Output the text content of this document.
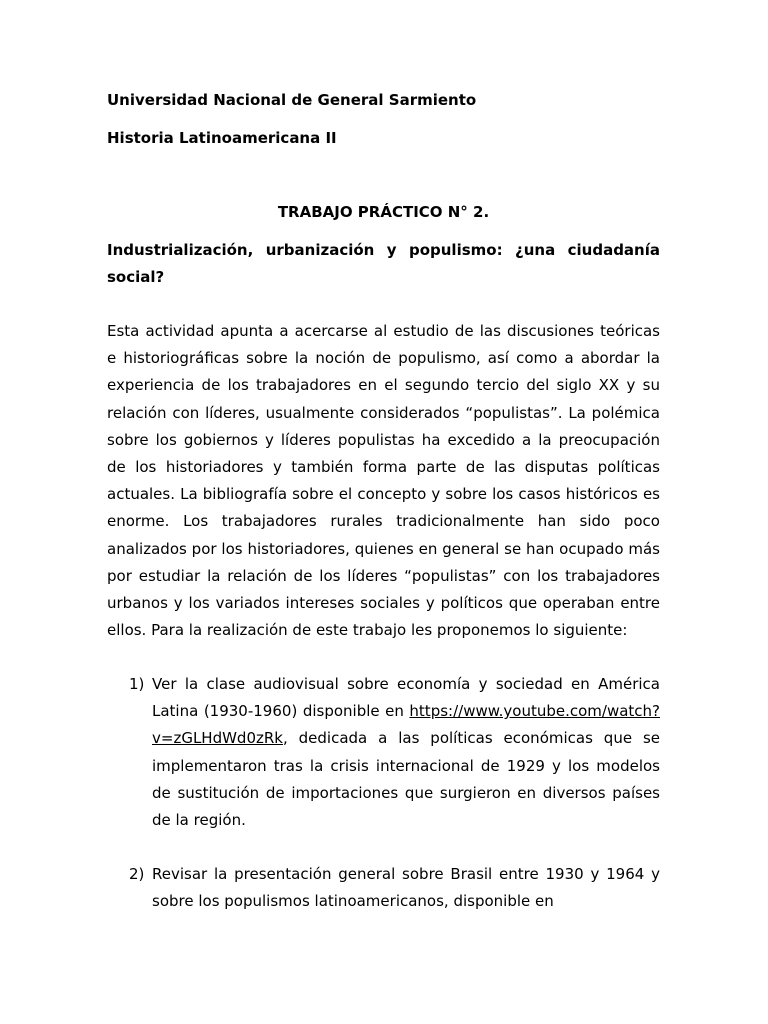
Universidad Nacional de General Sarmiento
Historia Latinoamericana II
TRABAJO PRÁCTICO N° 2.
Industrialización, urbanización y populismo: ¿una ciudadanía social?
Esta actividad apunta a acercarse al estudio de las discusiones teóricas e historiográficas sobre la noción de populismo, así como a abordar la experiencia de los trabajadores en el segundo tercio del siglo XX y su relación con líderes, usualmente considerados “populistas”. La polémica sobre los gobiernos y líderes populistas ha excedido a la preocupación de los historiadores y también forma parte de las disputas políticas actuales. La bibliografía sobre el concepto y sobre los casos históricos es enorme. Los trabajadores rurales tradicionalmente han sido poco analizados por los historiadores, quienes en general se han ocupado más por estudiar la relación de los líderes “populistas” con los trabajadores urbanos y los variados intereses sociales y políticos que operaban entre ellos. Para la realización de este trabajo les proponemos lo siguiente:
1) Ver la clase audiovisual sobre economía y sociedad en América Latina (1930-1960) disponible en https://www.youtube.com/watch?v=zGLHdWd0zRk, dedicada a las políticas económicas que se implementaron tras la crisis internacional de 1929 y los modelos de sustitución de importaciones que surgieron en diversos países de la región.
2) Revisar la presentación general sobre Brasil entre 1930 y 1964 y sobre los populismos latinoamericanos, disponible en
